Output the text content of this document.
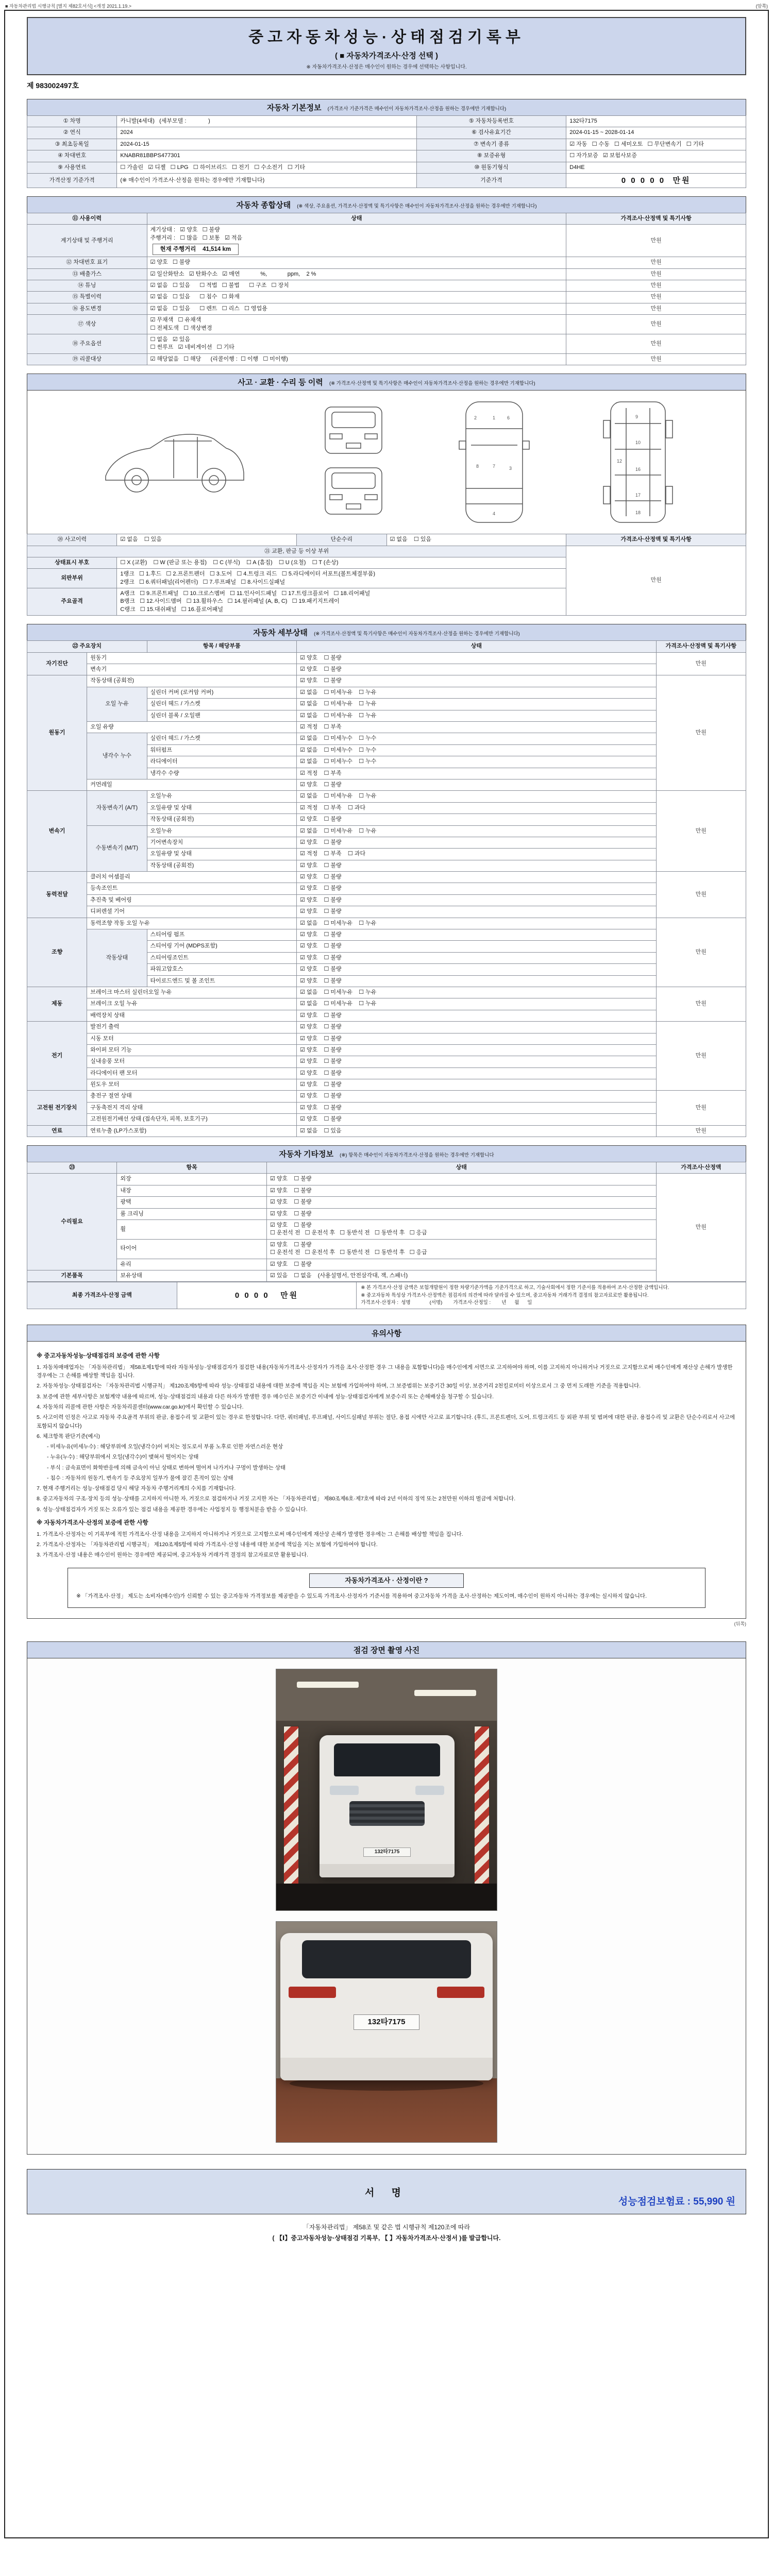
■ 자동차관리법 시행규칙 [별지 제82호서식] <개정 2021.1.19.>	(앞쪽)
중고자동차성능·상태점검기록부
( ■ 자동차가격조사·산정 선택 )
※ 자동차가격조사·산정은 매수인이 원하는 경우에 선택하는 사항입니다.
제 983002497호
자동차 기본정보 (가격조사 기준가격은 매수인이 자동차가격조사·산정을 원하는 경우에만 기재합니다)
① 차명	카니발(4세대)   (세부모델 :              )	⑤ 자동차등록번호	132타7175
② 연식	2024	⑥ 검사유효기간	2024-01-15 ~ 2028-01-14
③ 최초등록일	2024-01-15	⑦ 변속기 종류	☑ 자동   ☐ 수동   ☐ 세미오토   ☐ 무단변속기   ☐ 기타
④ 차대번호	KNABR81BBPS477301	⑧ 보증유형	☐ 자가보증   ☑ 보험사보증
⑨ 사용연료	☐ 가솔린   ☑ 디젤   ☐ LPG   ☐ 하이브리드   ☐ 전기   ☐ 수소전기   ☐ 기타	⑩ 원동기형식	D4HE
가격산정 기준가격	(※ 매수인이 가격조사·산정을 원하는 경우에만 기재합니다)	기준가격	0 0 0 0 0  만원
자동차 종합상태 (※ 색상, 주요옵션, 가격조사·산정액 및 특기사항은 매수인이 자동차가격조사·산정을 원하는 경우에만 기재합니다)
⑪ 사용이력	상태	가격조사·산정액 및 특기사항
계기상태 및 주행거리	계기상태 :   ☑ 양호   ☐ 불량
주행거리 :   ☐ 많음   ☐ 보통   ☑ 적음
현재 주행거리    41,514 km	만원
⑫ 차대번호 표기	☑ 양호   ☐ 불량	만원
⑬ 배출가스	☑ 일산화탄소   ☑ 탄화수소   ☑ 매연             %,             ppm,    2 %	만원
⑭ 튜닝	☑ 없음   ☐ 있음      ☐ 적법   ☐ 불법      ☐ 구조   ☐ 장치	만원
⑮ 특별이력	☑ 없음   ☐ 있음      ☐ 침수   ☐ 화재	만원
⑯ 용도변경	☑ 없음   ☐ 있음      ☐ 렌트   ☐ 리스   ☐ 영업용	만원
⑰ 색상	☑ 무채색   ☐ 유채색
☐ 전체도색   ☐ 색상변경	만원
⑱ 주요옵션	☐ 없음   ☑ 있음
☐ 썬루프   ☑ 네비게이션   ☐ 기타	만원
⑲ 리콜대상	☑ 해당없음   ☐ 해당      (리콜이행 :  ☐ 이행   ☐ 미이행)	만원
사고 · 교환 · 수리 등 이력 (※ 가격조사·산정액 및 특기사항은 매수인이 자동차가격조사·산정을 원하는 경우에만 기재합니다)
1
2
3
4
7
8
6	9
10
12
16
17
18
⑳ 사고이력	☑ 없음    ☐ 있음	단순수리	☑ 없음    ☐ 있음	가격조사·산정액 및 특기사항
㉑ 교환, 판금 등 이상 부위				만원
상태표시 부호	☐ X (교환)    ☐ W (판금 또는 용접)    ☐ C (부식)    ☐ A (흠집)    ☐ U (요철)    ☐ T (손상)			
외판부위	1랭크   ☐ 1.후드   ☐ 2.프론트펜더   ☐ 3.도어   ☐ 4.트렁크 리드   ☐ 5.라디에이터 서포트(볼트체결부품)
2랭크   ☐ 6.쿼터패널(리어펜더)   ☐ 7.루프패널   ☐ 8.사이드실패널			

주요골격	A랭크   ☐ 9.프론트패널   ☐ 10.크로스멤버   ☐ 11.인사이드패널   ☐ 17.트렁크플로어   ☐ 18.리어패널
B랭크   ☐ 12.사이드멤버   ☐ 13.휠하우스   ☐ 14.필러패널 (A, B, C)   ☐ 19.패키지트레이
C랭크   ☐ 15.대쉬패널   ☐ 16.플로어패널			
자동차 세부상태 (※ 가격조사·산정액 및 특기사항은 매수인이 자동차가격조사·산정을 원하는 경우에만 기재합니다)
㉒ 주요장치		항목 / 해당부품	상태	가격조사·산정액 및 특기사항
자기진단	원동기		☑ 양호    ☐ 불량	만원
	변속기		☑ 양호    ☐ 불량	
원동기	작동상태 (공회전)		☑ 양호    ☐ 불량	만원
	오일 누유	실린더 커버 (로커암 커버)	☑ 없음    ☐ 미세누유    ☐ 누유	
		실린더 헤드 / 가스켓	☑ 없음    ☐ 미세누유    ☐ 누유	
		실린더 블록 / 오일팬	☑ 없음    ☐ 미세누유    ☐ 누유	
	오일 유량		☑ 적정    ☐ 부족	
	냉각수 누수	실린더 헤드 / 가스켓	☑ 없음    ☐ 미세누수    ☐ 누수	
		워터펌프	☑ 없음    ☐ 미세누수    ☐ 누수	
		라디에이터	☑ 없음    ☐ 미세누수    ☐ 누수	
		냉각수 수량	☑ 적정    ☐ 부족	
	커먼레일		☑ 양호    ☐ 불량	
변속기	자동변속기 (A/T)	오일누유	☑ 없음    ☐ 미세누유    ☐ 누유	만원
		오일유량 및 상태	☑ 적정    ☐ 부족    ☐ 과다	
		작동상태 (공회전)	☑ 양호    ☐ 불량	
	수동변속기 (M/T)	오일누유	☑ 없음    ☐ 미세누유    ☐ 누유	
		기어변속장치	☑ 양호    ☐ 불량	
		오일유량 및 상태	☑ 적정    ☐ 부족    ☐ 과다	
		작동상태 (공회전)	☑ 양호    ☐ 불량	
동력전달	클러치 어셈블리		☑ 양호    ☐ 불량	만원
	등속조인트		☑ 양호    ☐ 불량	
	추진축 및 베어링		☑ 양호    ☐ 불량	
	디퍼렌셜 기어		☑ 양호    ☐ 불량	
조향	동력조향 작동 오일 누유		☑ 없음    ☐ 미세누유    ☐ 누유	만원
	작동상태	스티어링 펌프	☑ 양호    ☐ 불량	
		스티어링 기어 (MDPS포함)	☑ 양호    ☐ 불량	
		스티어링조인트	☑ 양호    ☐ 불량	
		파워고압호스	☑ 양호    ☐ 불량	
		타이로드엔드 및 볼 조인트	☑ 양호    ☐ 불량	
제동	브레이크 마스터 실린더오일 누유		☑ 없음    ☐ 미세누유    ☐ 누유	만원
	브레이크 오일 누유		☑ 없음    ☐ 미세누유    ☐ 누유	
	배력장치 상태		☑ 양호    ☐ 불량	
전기	발전기 출력		☑ 양호    ☐ 불량	만원
	시동 모터		☑ 양호    ☐ 불량	
	와이퍼 모터 기능		☑ 양호    ☐ 불량	
	실내송풍 모터		☑ 양호    ☐ 불량	
	라디에이터 팬 모터		☑ 양호    ☐ 불량	
	윈도우 모터		☑ 양호    ☐ 불량	
고전원 전기장치	충전구 절연 상태		☑ 양호    ☐ 불량	만원
	구동축전지 격리 상태		☑ 양호    ☐ 불량	
	고전원전기배선 상태 (접속단자, 피복, 보호기구)		☑ 양호    ☐ 불량	
연료	연료누출 (LP가스포함)		☑ 없음    ☐ 있음	만원
자동차 기타정보 (※) 항목은 매수인이 자동차가격조사·산정을 원하는 경우에만 기재합니다
㉓	항목	상태	가격조사·산정액
수리필요	외장	☑ 양호    ☐ 불량	만원
	내장	☑ 양호    ☐ 불량	
	광택	☑ 양호    ☐ 불량	
	룸 크리닝	☑ 양호    ☐ 불량	
	휠	☑ 양호    ☐ 불량
☐ 운전석 전   ☐ 운전석 후   ☐ 동반석 전   ☐ 동반석 후   ☐ 응급	

	타이어	☑ 양호    ☐ 불량
☐ 운전석 전   ☐ 운전석 후   ☐ 동반석 전   ☐ 동반석 후   ☐ 응급	

	유리	☑ 양호    ☐ 불량	
기본품목	보유상태	☑ 있음    ☐ 없음    (사용설명서, 안전삼각대, 잭, 스패너)	
최종 가격조사·산정 금액	0 0 0 0   만원	
※ 본 가격조사·산정 금액은 보험개발원이 정한 차량기준가액을 기준가격으로 하고, 기술사회에서 정한 기준서를 적용하여 조사·산정한 금액입니다.
※ 중고자동차 특성상 가격조사·산정액은 점검자의 의견에 따라 달라질 수 있으며, 중고자동차 거래가격 결정의 참고자료로만 활용됩니다.
가격조사·산정자 :  성명              (서명)        가격조사·산정일 :        년      월      일
유의사항

※ 중고자동차성능·상태점검의 보증에 관한 사항

1. 자동차매매업자는 「자동차관리법」 제58조제1항에 따라 자동차성능·상태점검자가 점검한 내용(자동차가격조사·산정자가 가격을 조사·산정한 경우 그 내용을 포함합니다)을 매수인에게 서면으로 고지하여야 하며, 이를 고지하지 아니하거나 거짓으로 고지함으로써 매수인에게 재산상 손해가 발생한 경우에는 그 손해를 배상할 책임을 집니다.

2. 자동차성능·상태점검자는 「자동차관리법 시행규칙」 제120조제5항에 따라 성능·상태점검 내용에 대한 보증에 책임을 지는 보험에 가입하여야 하며, 그 보증범위는 보증기간 30일 이상, 보증거리 2천킬로미터 이상으로서 그 중 먼저 도래한 기준을 적용합니다.

3. 보증에 관한 세부사항은 보험계약 내용에 따르며, 성능·상태점검의 내용과 다른 하자가 발생한 경우 매수인은 보증기간 이내에 성능·상태점검자에게 보증수리 또는 손해배상을 청구할 수 있습니다.

4. 자동차의 리콜에 관한 사항은 자동차리콜센터(www.car.go.kr)에서 확인할 수 있습니다.

5. 사고이력 인정은 사고로 자동차 주요골격 부위의 판금, 용접수리 및 교환이 있는 경우로 한정합니다. 다만, 쿼터패널, 루프패널, 사이드실패널 부위는 절단, 용접 시에만 사고로 표기합니다. (후드, 프론트펜더, 도어, 트렁크리드 등 외판 부위 및 범퍼에 대한 판금, 용접수리 및 교환은 단순수리로서 사고에 포함되지 않습니다)

6. 체크항목 판단기준(예시)

- 미세누유(미세누수) : 해당부위에 오일(냉각수)이 비치는 정도로서 부품 노후로 인한 자연스러운 현상

- 누유(누수) : 해당부위에서 오일(냉각수)이 맺혀서 떨어지는 상태

- 부식 : 금속표면이 화학반응에 의해 금속이 아닌 상태로 변하여 떨어져 나가거나 구멍이 발생하는 상태

- 침수 : 자동차의 원동기, 변속기 등 주요장치 일부가 물에 잠긴 흔적이 있는 상태

7. 현재 주행거리는 성능·상태점검 당시 해당 자동차 주행거리계의 수치를 기재합니다.

8. 중고자동차의 구조·장치 등의 성능·상태를 고지하지 아니한 자, 거짓으로 점검하거나 거짓 고지한 자는 「자동차관리법」 제80조제6호·제7호에 따라 2년 이하의 징역 또는 2천만원 이하의 벌금에 처합니다.

9. 성능·상태점검자가 거짓 또는 오류가 있는 점검 내용을 제공한 경우에는 사업정지 등 행정처분을 받을 수 있습니다.

※ 자동차가격조사·산정의 보증에 관한 사항

1. 가격조사·산정자는 이 기록부에 적힌 가격조사·산정 내용을 고지하지 아니하거나 거짓으로 고지함으로써 매수인에게 재산상 손해가 발생한 경우에는 그 손해를 배상할 책임을 집니다.

2. 가격조사·산정자는 「자동차관리법 시행규칙」 제120조제5항에 따라 가격조사·산정 내용에 대한 보증에 책임을 지는 보험에 가입하여야 합니다.

3. 가격조사·산정 내용은 매수인이 원하는 경우에만 제공되며, 중고자동차 거래가격 결정의 참고자료로만 활용됩니다.

자동차가격조사 · 산정이란 ?

※ 「가격조사·산정」 제도는 소비자(매수인)가 신뢰할 수 있는 중고자동차 가격정보를 제공받을 수 있도록 가격조사·산정자가 기준서를 적용하여 중고자동차 가격을 조사·산정하는 제도이며, 매수인이 원하지 아니하는 경우에는 실시하지 않습니다.

(뒤쪽)
점검 장면 촬영 사진
132타7175
132타7175
서 명
성능점검보험료 : 55,990 원

「자동차관리법」 제58조 및 같은 법 시행규칙 제120조에 따라

( 【Ⅰ】중고자동차성능·상태점검 기록부, 【 】자동차가격조사·산정서 )를 발급합니다.
